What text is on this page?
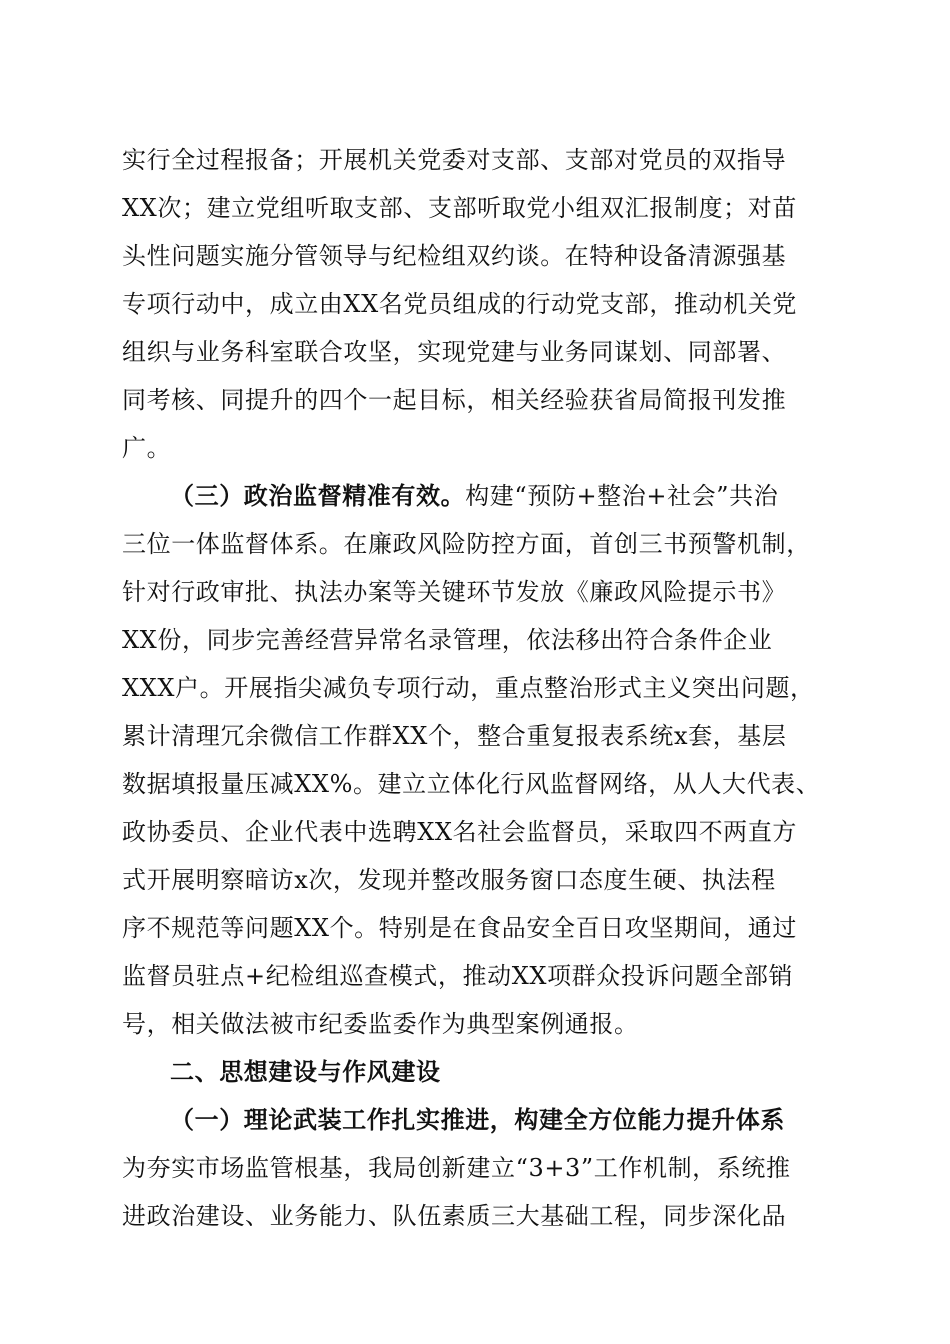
实行全过程报备；开展机关党委对支部、支部对党员的双指导
XX次；建立党组听取支部、支部听取党小组双汇报制度；对苗
头性问题实施分管领导与纪检组双约谈。在特种设备清源强基
专项行动中，成立由XX名党员组成的行动党支部，推动机关党
组织与业务科室联合攻坚，实现党建与业务同谋划、同部署、
同考核、同提升的四个一起目标，相关经验获省局简报刊发推
广。
（三）政治监督精准有效。构建“预防+整治+社会”共治
三位一体监督体系。在廉政风险防控方面，首创三书预警机制，
针对行政审批、执法办案等关键环节发放《廉政风险提示书》
XX份，同步完善经营异常名录管理，依法移出符合条件企业
XXX户。开展指尖减负专项行动，重点整治形式主义突出问题，
累计清理冗余微信工作群XX个，整合重复报表系统x套，基层
数据填报量压减XX%。建立立体化行风监督网络，从人大代表、
政协委员、企业代表中选聘XX名社会监督员，采取四不两直方
式开展明察暗访x次，发现并整改服务窗口态度生硬、执法程
序不规范等问题XX个。特别是在食品安全百日攻坚期间，通过
监督员驻点+纪检组巡查模式，推动XX项群众投诉问题全部销
号，相关做法被市纪委监委作为典型案例通报。
二、思想建设与作风建设
（一）理论武装工作扎实推进，构建全方位能力提升体系
为夯实市场监管根基，我局创新建立“3+3”工作机制，系统推
进政治建设、业务能力、队伍素质三大基础工程，同步深化品
